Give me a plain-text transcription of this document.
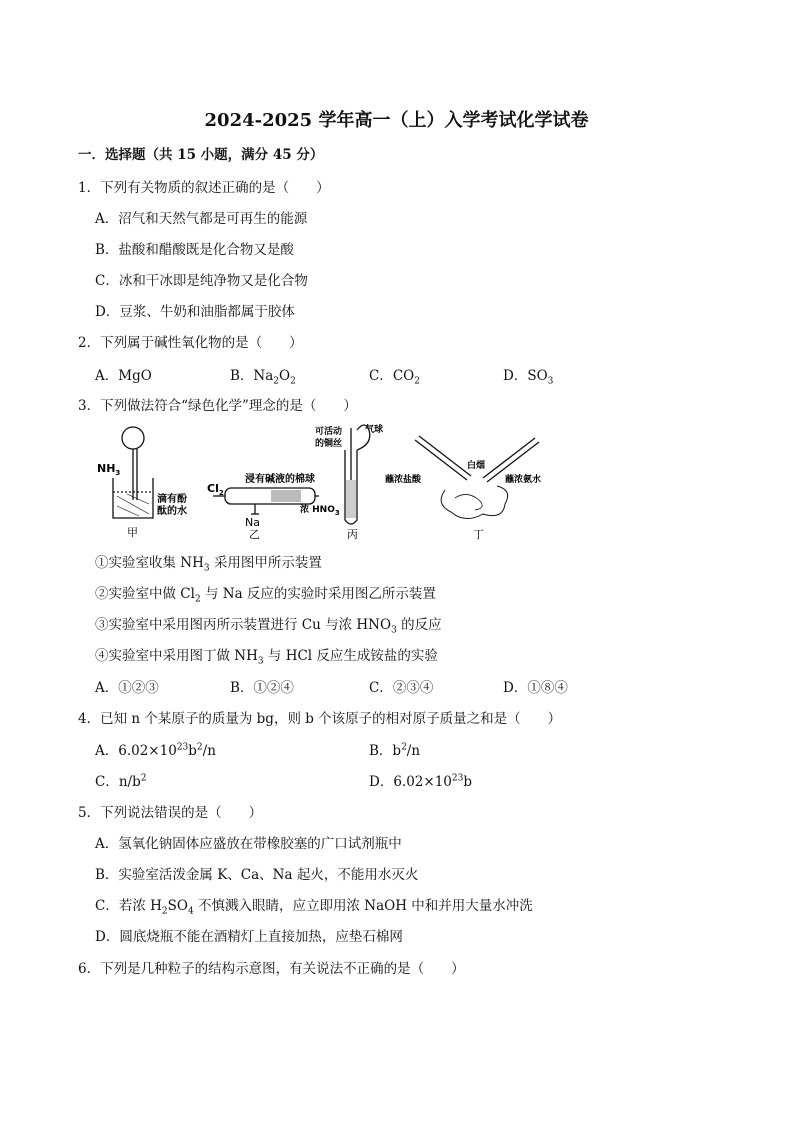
2024-2025 学年高一（上）入学考试化学试卷
一．选择题（共 15 小题，满分 45 分）
1．下列有关物质的叙述正确的是（　　）
A．沼气和天然气都是可再生的能源
B．盐酸和醋酸既是化合物又是酸
C．冰和干冰即是纯净物又是化合物
D．豆浆、牛奶和油脂都属于胶体
2．下列属于碱性氧化物的是（　　）
A．MgO	B．$Na_2O_2$	C．$CO_2$	D．$SO_3$
3．下列做法符合“绿色化学”理念的是（　　）
$NH_3$
滴有酚
酞的水
甲
$Cl_2$
浸有碱液的棉球
Na
乙
可活动
的铜丝
气球
浓 $HNO_3$
丙
白烟
蘸浓盐酸	蘸浓氨水
丁
①实验室收集 $NH_3$ 采用图甲所示装置
②实验室中做 $Cl_2$ 与 Na 反应的实验时采用图乙所示装置
③实验室中采用图丙所示装置进行 Cu 与浓 $HNO_3$ 的反应
④实验室中采用图丁做 $NH_3$ 与 HCl 反应生成铵盐的实验
A．①②③	B．①②④	C．②③④	D．①⑧④
4．已知 n 个某原子的质量为 bg，则 b 个该原子的相对原子质量之和是（　　）
A．$6.02\times 10^{23}b^2/n$	B．$b^2/n$
C．$n/b^2$	D．$6.02\times 10^{23}b$
5．下列说法错误的是（　　）
A．氢氧化钠固体应盛放在带橡胶塞的广口试剂瓶中
B．实验室活泼金属 K、Ca、Na 起火，不能用水灭火
C．若浓 $H_2SO_4$ 不慎溅入眼睛，应立即用浓 NaOH 中和并用大量水冲洗
D．圆底烧瓶不能在酒精灯上直接加热，应垫石棉网
6．下列是几种粒子的结构示意图，有关说法不正确的是（　　）
